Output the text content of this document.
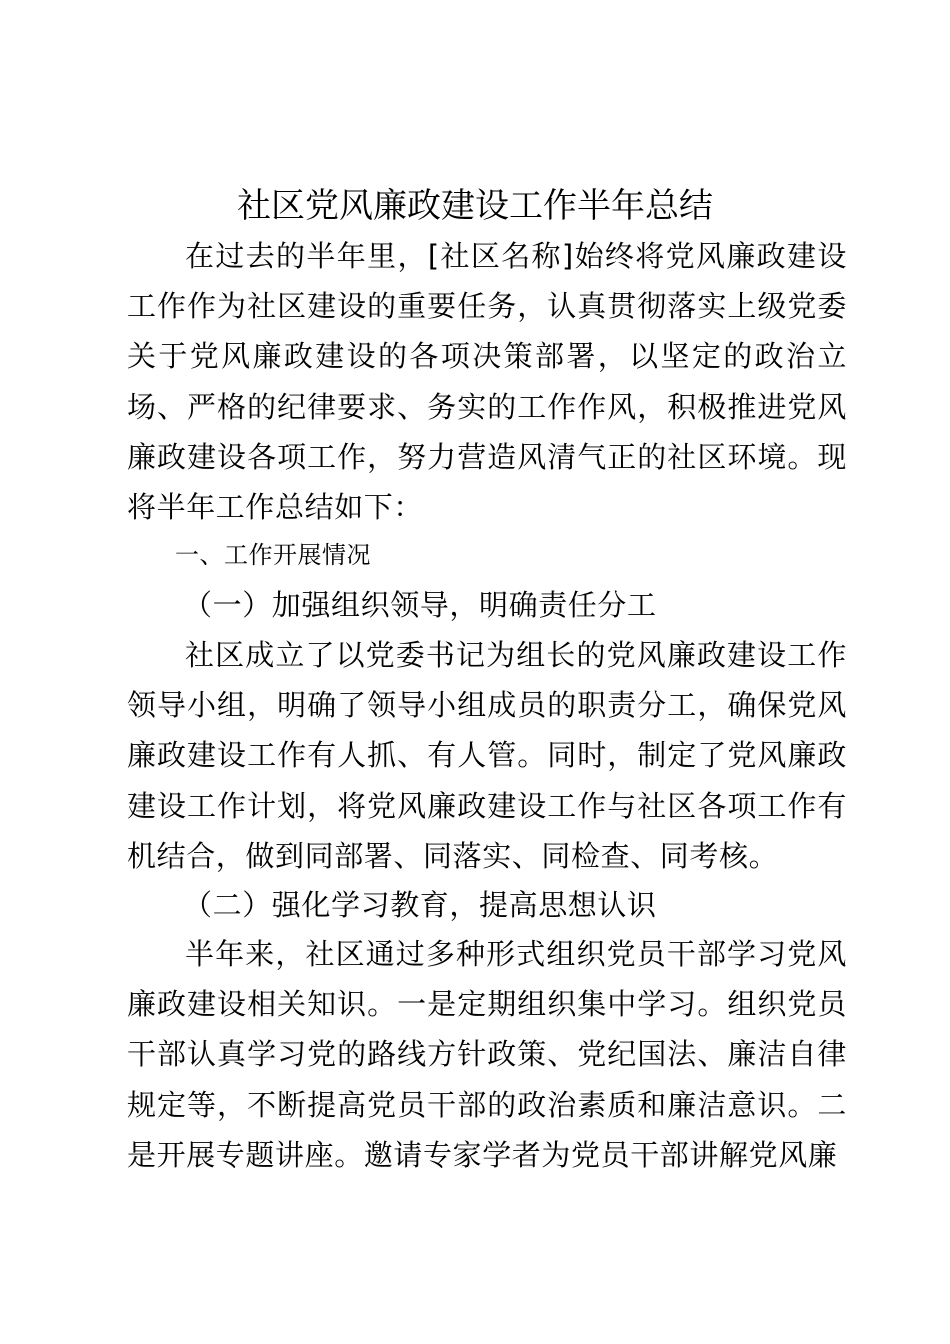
社区党风廉政建设工作半年总结

在过去的半年里，[社区名称]始终将党风廉政建设工作作为社区建设的重要任务，认真贯彻落实上级党委关于党风廉政建设的各项决策部署，以坚定的政治立场、严格的纪律要求、务实的工作作风，积极推进党风廉政建设各项工作，努力营造风清气正的社区环境。现将半年工作总结如下：

一、工作开展情况
（一）加强组织领导，明确责任分工

社区成立了以党委书记为组长的党风廉政建设工作领导小组，明确了领导小组成员的职责分工，确保党风廉政建设工作有人抓、有人管。同时，制定了党风廉政建设工作计划，将党风廉政建设工作与社区各项工作有机结合，做到同部署、同落实、同检查、同考核。

（二）强化学习教育，提高思想认识

半年来，社区通过多种形式组织党员干部学习党风廉政建设相关知识。一是定期组织集中学习。组织党员干部认真学习党的路线方针政策、党纪国法、廉洁自律规定等，不断提高党员干部的政治素质和廉洁意识。二是开展专题讲座。邀请专家学者为党员干部讲解党风廉
